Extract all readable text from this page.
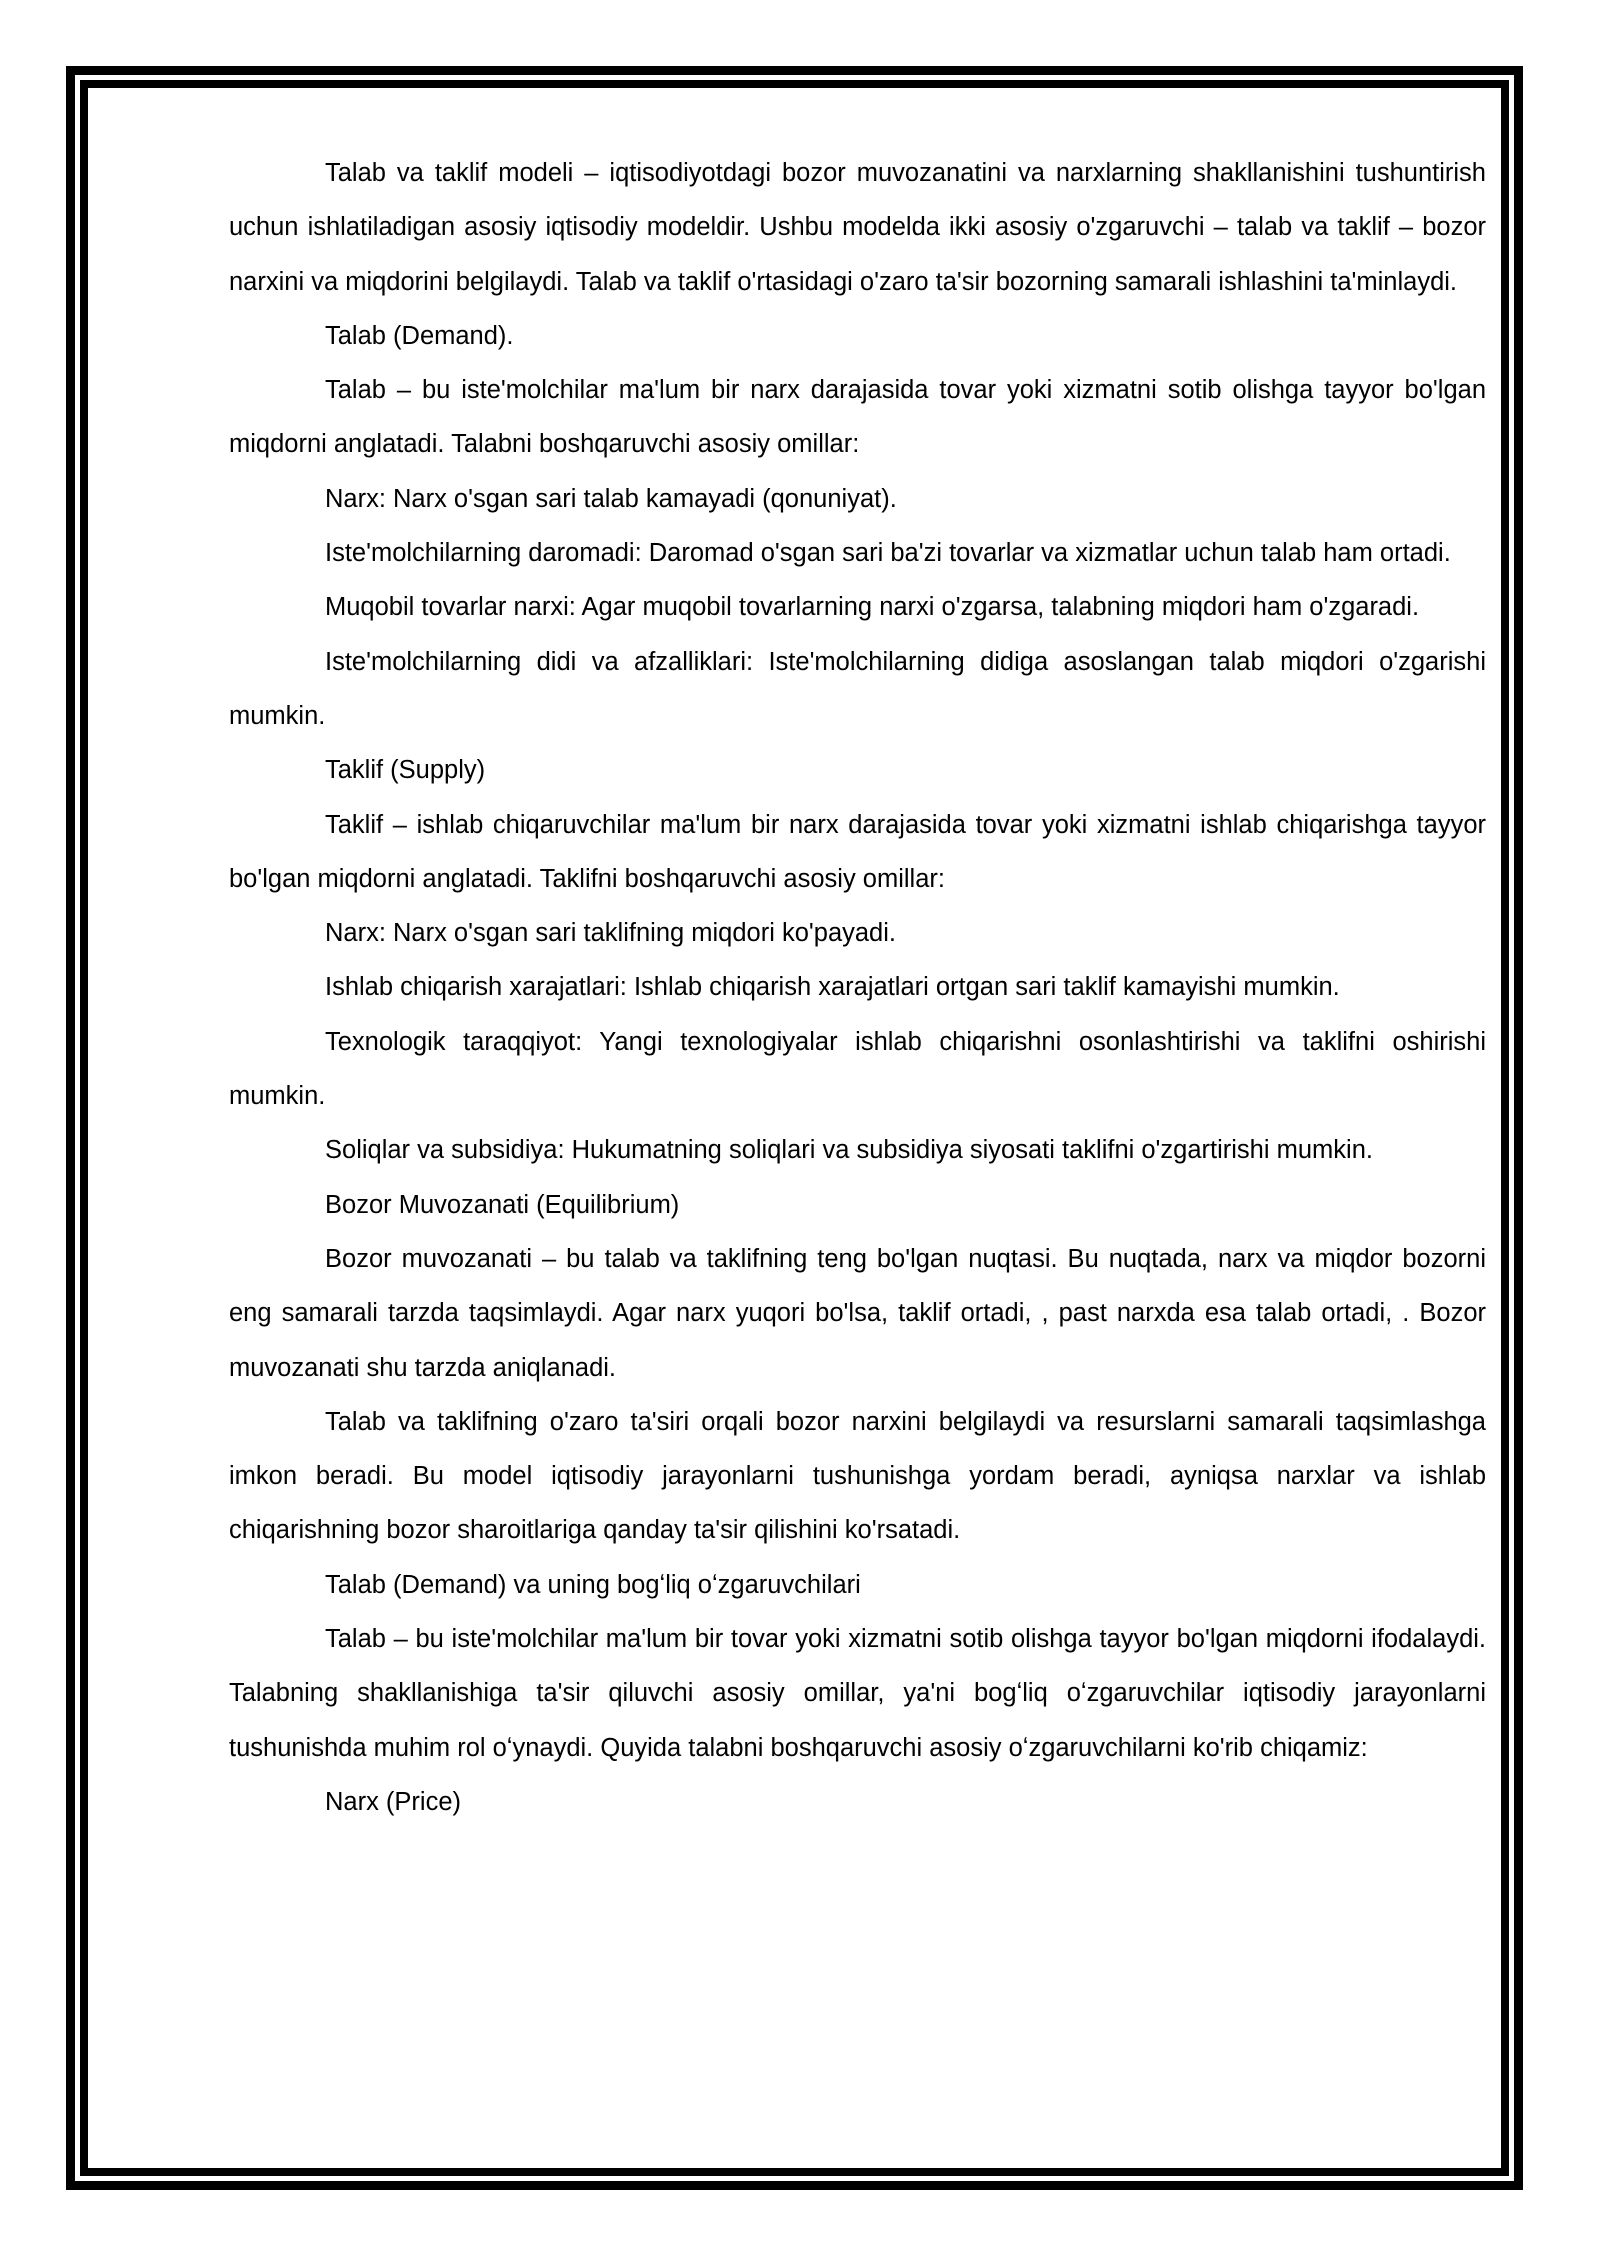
Talab va taklif modeli – iqtisodiyotdagi bozor muvozanatini va narxlarning shakllanishini tushuntirish uchun ishlatiladigan asosiy iqtisodiy modeldir. Ushbu modelda ikki asosiy o'zgaruvchi – talab va taklif – bozor narxini va miqdorini belgilaydi. Talab va taklif o'rtasidagi o'zaro ta'sir bozorning samarali ishlashini ta'minlaydi.

Talab (Demand).

Talab – bu iste'molchilar ma'lum bir narx darajasida tovar yoki xizmatni sotib olishga tayyor bo'lgan miqdorni anglatadi. Talabni boshqaruvchi asosiy omillar:

Narx: Narx o'sgan sari talab kamayadi (qonuniyat).

Iste'molchilarning daromadi: Daromad o'sgan sari ba'zi tovarlar va xizmatlar uchun talab ham ortadi.

Muqobil tovarlar narxi: Agar muqobil tovarlarning narxi o'zgarsa, talabning miqdori ham o'zgaradi.

Iste'molchilarning didi va afzalliklari: Iste'molchilarning didiga asoslangan talab miqdori o'zgarishi mumkin.

Taklif (Supply)

Taklif – ishlab chiqaruvchilar ma'lum bir narx darajasida tovar yoki xizmatni ishlab chiqarishga tayyor bo'lgan miqdorni anglatadi. Taklifni boshqaruvchi asosiy omillar:

Narx: Narx o'sgan sari taklifning miqdori ko'payadi.

Ishlab chiqarish xarajatlari: Ishlab chiqarish xarajatlari ortgan sari taklif kamayishi mumkin.

Texnologik taraqqiyot: Yangi texnologiyalar ishlab chiqarishni osonlashtirishi va taklifni oshirishi mumkin.

Soliqlar va subsidiya: Hukumatning soliqlari va subsidiya siyosati taklifni o'zgartirishi mumkin.

Bozor Muvozanati (Equilibrium)

Bozor muvozanati – bu talab va taklifning teng bo'lgan nuqtasi. Bu nuqtada, narx va miqdor bozorni eng samarali tarzda taqsimlaydi. Agar narx yuqori bo'lsa, taklif ortadi, , past narxda esa talab ortadi, . Bozor muvozanati shu tarzda aniqlanadi.

Talab va taklifning o'zaro ta'siri orqali bozor narxini belgilaydi va resurslarni samarali taqsimlashga imkon beradi. Bu model iqtisodiy jarayonlarni tushunishga yordam beradi, ayniqsa narxlar va ishlab chiqarishning bozor sharoitlariga qanday ta'sir qilishini ko'rsatadi.

Talab (Demand) va uning bogʻliq oʻzgaruvchilari

Talab – bu iste'molchilar ma'lum bir tovar yoki xizmatni sotib olishga tayyor bo'lgan miqdorni ifodalaydi. Talabning shakllanishiga ta'sir qiluvchi asosiy omillar, ya'ni bogʻliq oʻzgaruvchilar iqtisodiy jarayonlarni tushunishda muhim rol oʻynaydi. Quyida talabni boshqaruvchi asosiy oʻzgaruvchilarni ko'rib chiqamiz:

Narx (Price)
